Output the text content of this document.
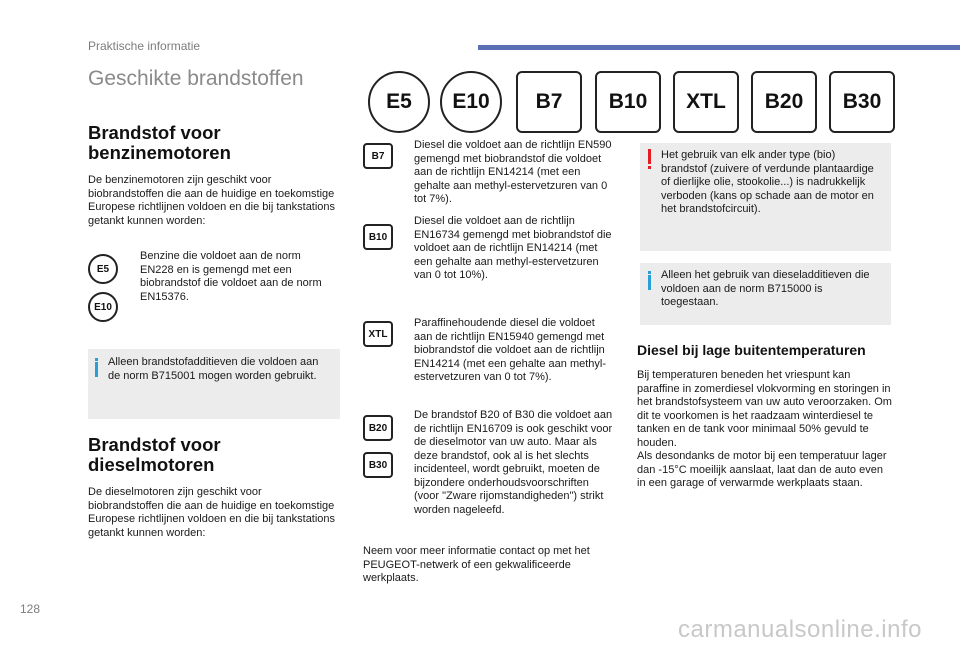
Praktische informatie
Geschikte brandstoffen
E5	E10	B7	B10	XTL	B20	B30
Brandstof voor benzinemotoren
De benzinemotoren zijn geschikt voor biobrandstoffen die aan de huidige en toekomstige Europese richtlijnen voldoen en die bij tankstations getankt kunnen worden:
E5
E10
Benzine die voldoet aan de norm EN228 en is gemengd met een biobrandstof die voldoet aan de norm EN15376.
Alleen brandstofadditieven die voldoen aan de norm B715001 mogen worden gebruikt.
Brandstof voor dieselmotoren
De dieselmotoren zijn geschikt voor biobrandstoffen die aan de huidige en toekomstige Europese richtlijnen voldoen en die bij tankstations getankt kunnen worden:
B7
Diesel die voldoet aan de richtlijn EN590 gemengd met biobrandstof die voldoet aan de richtlijn EN14214 (met een gehalte aan methyl-estervetzuren van 0 tot 7%).
B10
Diesel die voldoet aan de richtlijn EN16734 gemengd met biobrandstof die voldoet aan de richtlijn EN14214 (met een gehalte aan methyl-estervetzuren van 0 tot 10%).
XTL
Paraffinehoudende diesel die voldoet aan de richtlijn EN15940 gemengd met biobrandstof die voldoet aan de richtlijn EN14214 (met een gehalte aan methyl-estervetzuren van 0 tot 7%).
B20
B30
De brandstof B20 of B30 die voldoet aan de richtlijn EN16709 is ook geschikt voor de dieselmotor van uw auto. Maar als deze brandstof, ook al is het slechts incidenteel, wordt gebruikt, moeten de bijzondere onderhoudsvoorschriften (voor "Zware rijomstandigheden") strikt worden nageleefd.
Neem voor meer informatie contact op met het PEUGEOT-netwerk of een gekwalificeerde werkplaats.
Het gebruik van elk ander type (bio) brandstof (zuivere of verdunde plantaardige of dierlijke olie, stookolie...) is nadrukkelijk verboden (kans op schade aan de motor en het brandstofcircuit).
Alleen het gebruik van dieseladditieven die voldoen aan de norm B715000 is toegestaan.
Diesel bij lage buitentemperaturen
Bij temperaturen beneden het vriespunt kan paraffine in zomerdiesel vlokvorming en storingen in het brandstofsysteem van uw auto veroorzaken. Om dit te voorkomen is het raadzaam winterdiesel te tanken en de tank voor minimaal 50% gevuld te houden.
Als desondanks de motor bij een temperatuur lager dan -15°C moeilijk aanslaat, laat dan de auto even in een garage of verwarmde werkplaats staan.
128
carmanualsonline.info
